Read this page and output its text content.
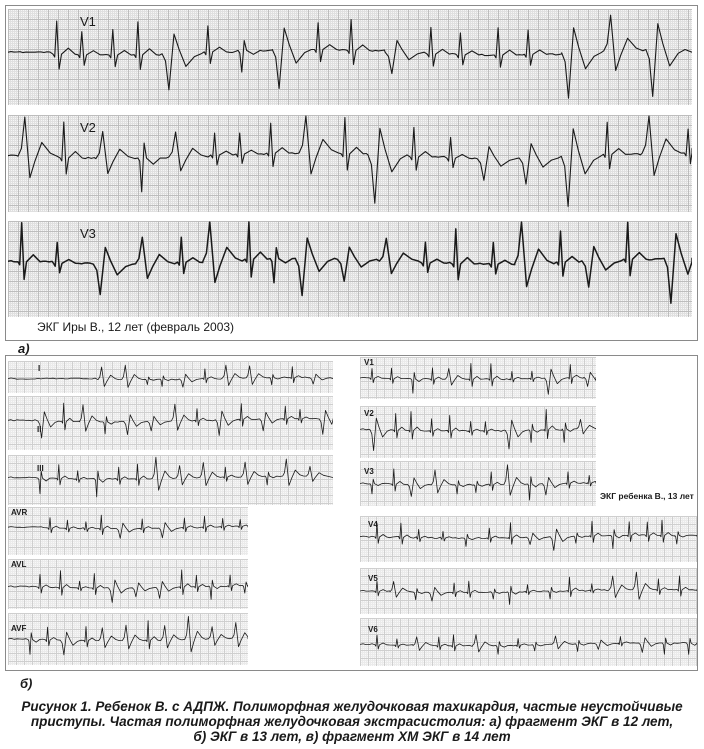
V1
V2
V3
ЭКГ Иры В., 12 лет (февраль 2003)
а)
I
II
III
AVR
AVL
AVF
V1
V2
V3
ЭКГ ребенка В., 13 лет
V4
V5
V6
б)
Рисунок 1. Ребенок В. с АДПЖ. Полиморфная желудочковая тахикардия, частые неустойчивые
приступы. Частая полиморфная желудочковая экстрасистолия: а) фрагмент ЭКГ в 12 лет,
б) ЭКГ в 13 лет, в) фрагмент ХМ ЭКГ в 14 лет
